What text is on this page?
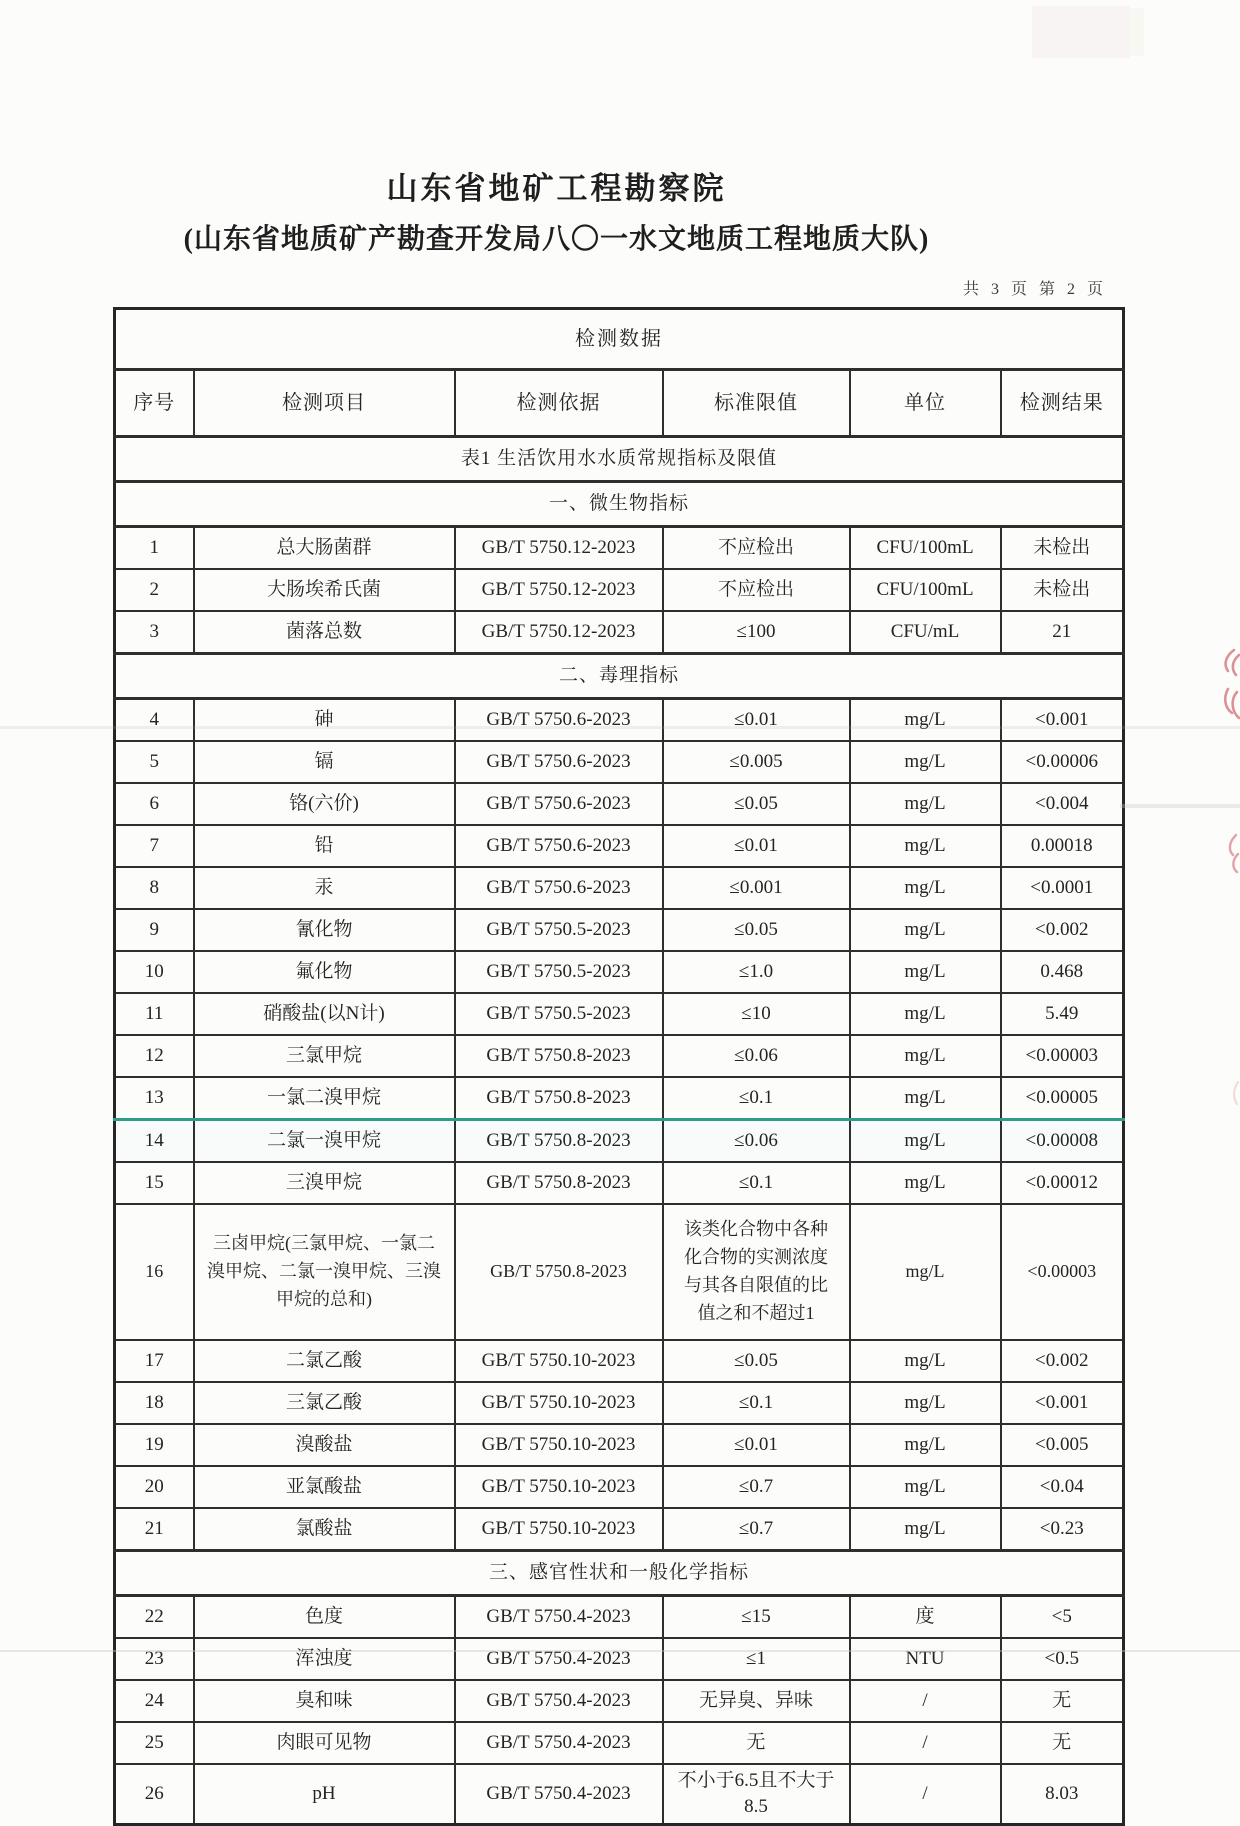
山东省地矿工程勘察院
(山东省地质矿产勘查开发局八〇一水文地质工程地质大队)
共 3 页 第 2 页
检测数据					
序号	检测项目	检测依据	标准限值	单位	检测结果
表1 生活饮用水水质常规指标及限值					
一、微生物指标					
1	总大肠菌群	GB/T 5750.12-2023	不应检出	CFU/100mL	未检出
2	大肠埃希氏菌	GB/T 5750.12-2023	不应检出	CFU/100mL	未检出
3	菌落总数	GB/T 5750.12-2023	≤100	CFU/mL	21
二、毒理指标					
4	砷	GB/T 5750.6-2023	≤0.01	mg/L	<0.001
5	镉	GB/T 5750.6-2023	≤0.005	mg/L	<0.00006
6	铬(六价)	GB/T 5750.6-2023	≤0.05	mg/L	<0.004
7	铅	GB/T 5750.6-2023	≤0.01	mg/L	0.00018
8	汞	GB/T 5750.6-2023	≤0.001	mg/L	<0.0001
9	氰化物	GB/T 5750.5-2023	≤0.05	mg/L	<0.002
10	氟化物	GB/T 5750.5-2023	≤1.0	mg/L	0.468
11	硝酸盐(以N计)	GB/T 5750.5-2023	≤10	mg/L	5.49
12	三氯甲烷	GB/T 5750.8-2023	≤0.06	mg/L	<0.00003
13	一氯二溴甲烷	GB/T 5750.8-2023	≤0.1	mg/L	<0.00005
14	二氯一溴甲烷	GB/T 5750.8-2023	≤0.06	mg/L	<0.00008
15	三溴甲烷	GB/T 5750.8-2023	≤0.1	mg/L	<0.00012
16	三卤甲烷(三氯甲烷、一氯二溴甲烷、二氯一溴甲烷、三溴甲烷的总和)	GB/T 5750.8-2023	该类化合物中各种化合物的实测浓度与其各自限值的比值之和不超过1	mg/L	<0.00003
17	二氯乙酸	GB/T 5750.10-2023	≤0.05	mg/L	<0.002
18	三氯乙酸	GB/T 5750.10-2023	≤0.1	mg/L	<0.001
19	溴酸盐	GB/T 5750.10-2023	≤0.01	mg/L	<0.005
20	亚氯酸盐	GB/T 5750.10-2023	≤0.7	mg/L	<0.04
21	氯酸盐	GB/T 5750.10-2023	≤0.7	mg/L	<0.23
三、感官性状和一般化学指标					
22	色度	GB/T 5750.4-2023	≤15	度	<5
23	浑浊度	GB/T 5750.4-2023	≤1	NTU	<0.5
24	臭和味	GB/T 5750.4-2023	无异臭、异味	/	无
25	肉眼可见物	GB/T 5750.4-2023	无	/	无
26	pH	GB/T 5750.4-2023	不小于6.5且不大于8.5	/	8.03
